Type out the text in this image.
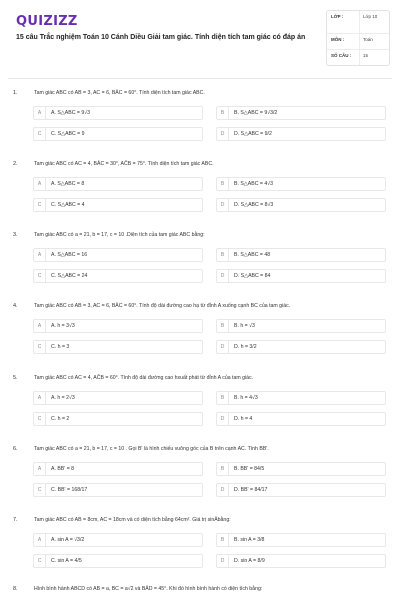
QUIZIZZ
15 câu Trắc nghiệm Toán 10 Cánh Diều Giải tam giác. Tính diện tích tam giác có đáp án
LỚP :	Lớp 10
MÔN :	Toán
SỐ CÂU :	15
1.	Tam giác ABC có AB = 3, AC = 6, BÂC = 60°. Tính diện tích tam giác ABC.
A	A. S△ABC = 9√3	B	B. S△ABC = 9√3/2
C	C. S△ABC = 9	D	D. S△ABC = 9/2
2.	Tam giác ABC có AC = 4, BÂC = 30°, AĈB = 75°. Tính diện tích tam giác ABC.
A	A. S△ABC = 8	B	B. S△ABC = 4√3
C	C. S△ABC = 4	D	D. S△ABC = 8√3
3.	Tam giác ABC có a = 21, b = 17, c = 10 .Diện tích của tam giác ABC bằng:
A	A. S△ABC = 16	B	B. S△ABC = 48
C	C. S△ABC = 24	D	D. S△ABC = 84
4.	Tam giác ABC có AB = 3, AC = 6, BÂC = 60°. Tính độ dài đường cao hạ từ đỉnh A xuống cạnh BC của tam giác.
A	A. h = 3√3	B	B. h = √3
C	C. h = 3	D	D. h = 3/2
5.	Tam giác ABC có AC = 4, AĈB = 60°. Tính độ dài đường cao hxuất phát từ đỉnh A của tam giác.
A	A. h = 2√3	B	B. h = 4√3
C	C. h = 2	D	D. h = 4
6.	Tam giác ABC có a = 21, b = 17, c = 10 . Gọi B' là hình chiếu vuông góc của B trên cạnh AC. Tính BB'.
A	A. BB' = 8	B	B. BB' = 84/5
C	C. BB' = 168/17	D	D. BB' = 84/17
7.	Tam giác ABC có AB = 8cm, AC = 18cm và có diện tích bằng 64cm². Giá trị sinÂbằng:
A	A. sin A = √3/2	B	B. sin A = 3/8
C	C. sin A = 4/5	D	D. sin A = 8/9
8.	Hình bình hành ABCD có AB = a, BC = a√2 và BÂD = 45°. Khi đó hình bình hành có diện tích bằng:
